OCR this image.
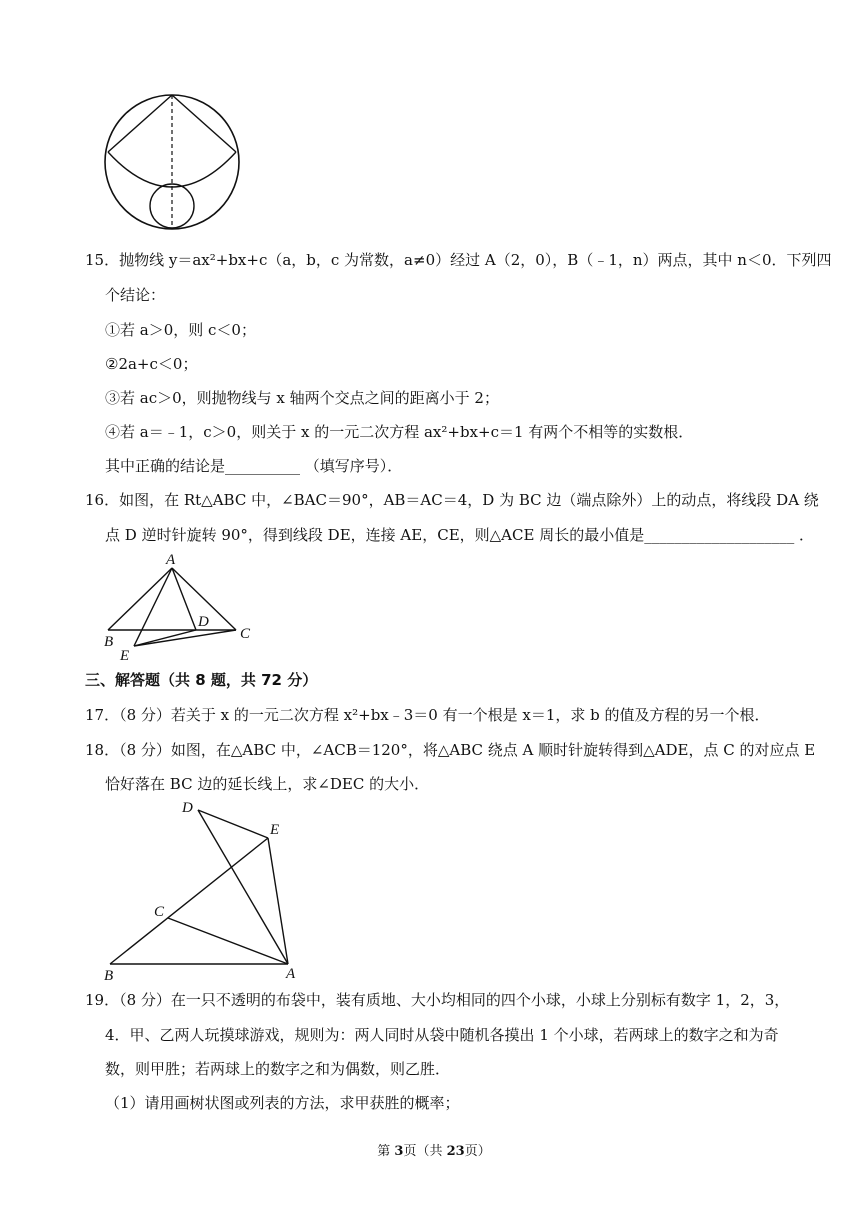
15．抛物线 y＝ax²+bx+c（a，b，c 为常数，a≠0）经过 A（2，0），B（﹣1，n）两点，其中 n＜0．下列四
个结论：
①若 a＞0，则 c＜0；
②2a+c＜0；
③若 ac＞0，则抛物线与 x 轴两个交点之间的距离小于 2；
④若 a＝﹣1，c＞0，则关于 x 的一元二次方程 ax²+bx+c＝1 有两个不相等的实数根．
其中正确的结论是__________ （填写序号）．
16．如图，在 Rt△ABC 中，∠BAC＝90°，AB＝AC＝4，D 为 BC 边（端点除外）上的动点，将线段 DA 绕
点 D 逆时针旋转 90°，得到线段 DE，连接 AE，CE，则△ACE 周长的最小值是____________________ ．
A
B	C
D
E
三、解答题（共 8 题，共 72 分）
17．（8 分）若关于 x 的一元二次方程 x²+bx﹣3＝0 有一个根是 x＝1，求 b 的值及方程的另一个根．
18．（8 分）如图，在△ABC 中，∠ACB＝120°，将△ABC 绕点 A 顺时针旋转得到△ADE，点 C 的对应点 E
恰好落在 BC 边的延长线上，求∠DEC 的大小．
D
E
C
B	A
19．（8 分）在一只不透明的布袋中，装有质地、大小均相同的四个小球，小球上分别标有数字 1，2，3，
4．甲、乙两人玩摸球游戏，规则为：两人同时从袋中随机各摸出 1 个小球，若两球上的数字之和为奇
数，则甲胜；若两球上的数字之和为偶数，则乙胜．
（1）请用画树状图或列表的方法，求甲获胜的概率；
第 3页（共 23页）
